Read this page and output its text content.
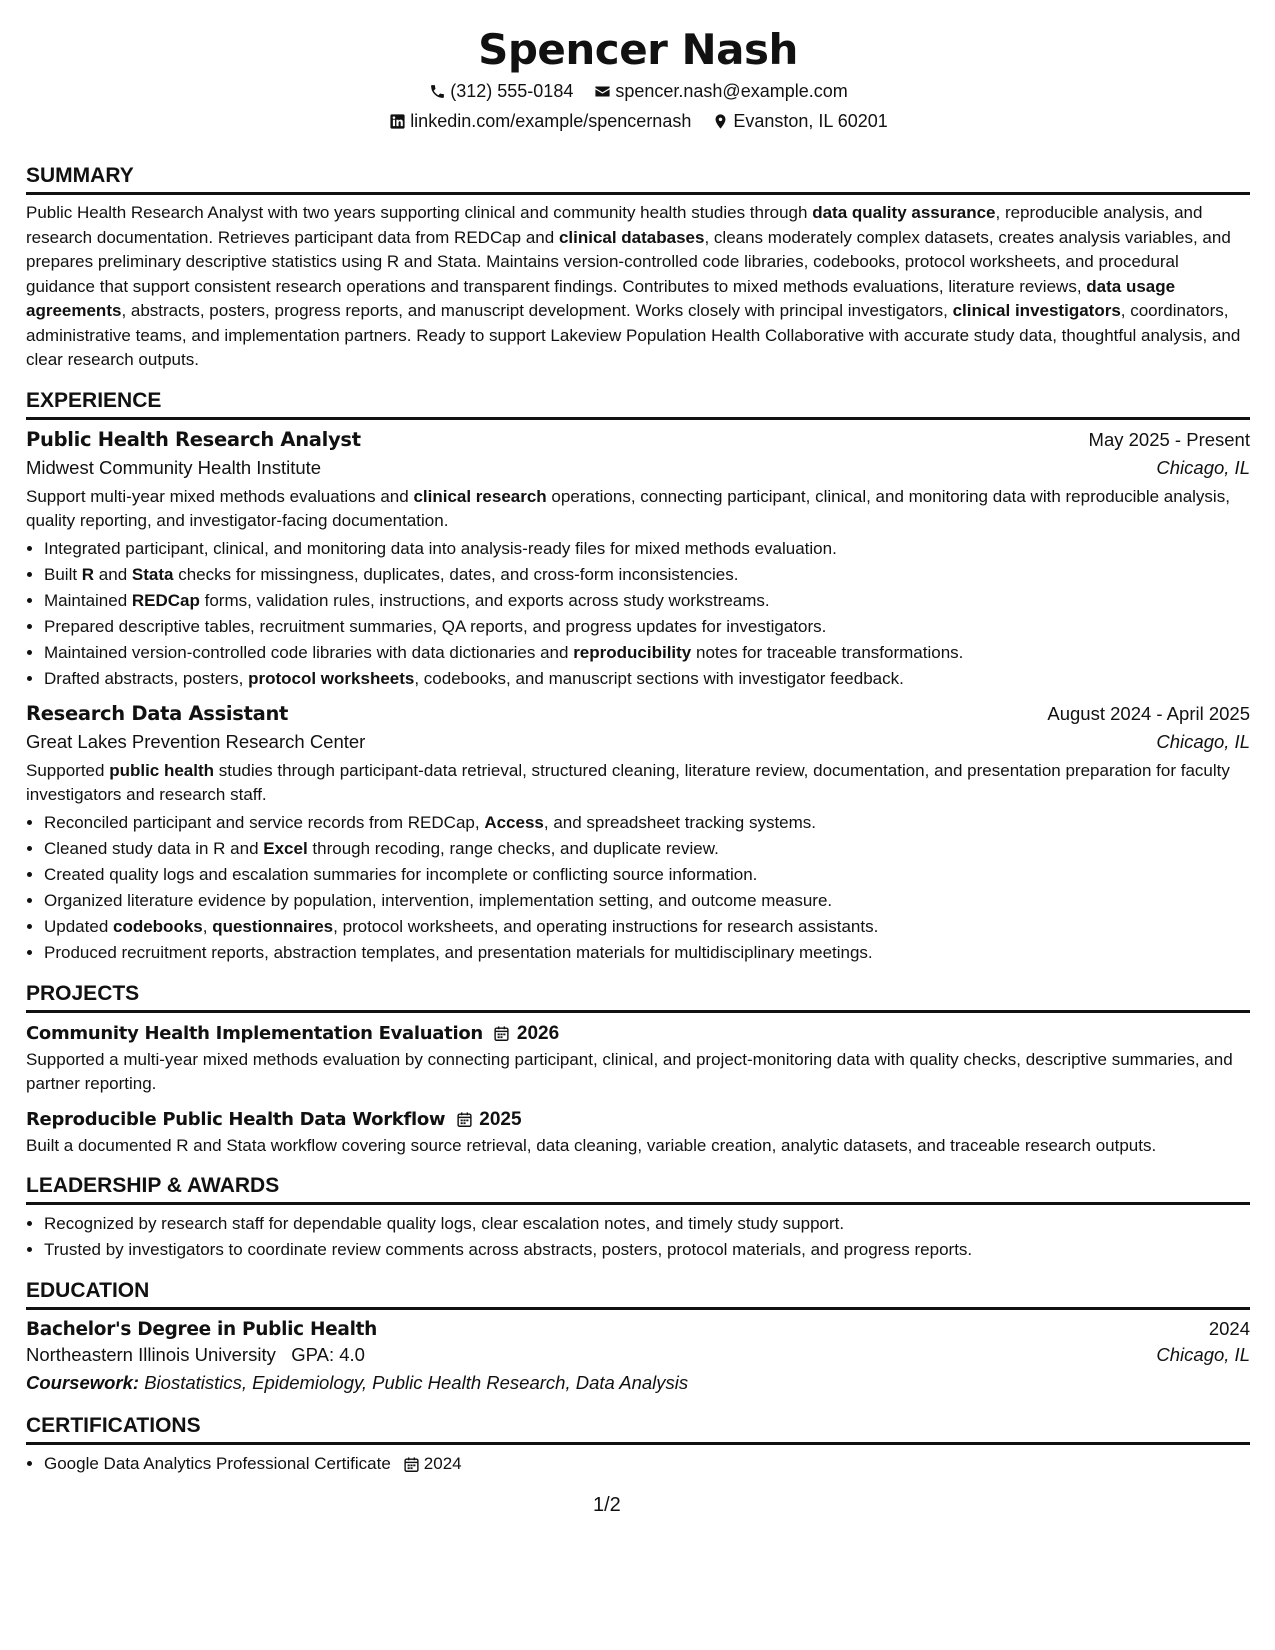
Spencer Nash
(312) 555-0184 spencer.nash@example.com
linkedin.com/example/spencernash Evanston, IL 60201
SUMMARY
Public Health Research Analyst with two years supporting clinical and community health studies through data quality assurance, reproducible analysis, and research documentation. Retrieves participant data from REDCap and clinical databases, cleans moderately complex datasets, creates analysis variables, and prepares preliminary descriptive statistics using R and Stata. Maintains version-controlled code libraries, codebooks, protocol worksheets, and procedural guidance that support consistent research operations and transparent findings. Contributes to mixed methods evaluations, literature reviews, data usage agreements, abstracts, posters, progress reports, and manuscript development. Works closely with principal investigators, clinical investigators, coordinators, administrative teams, and implementation partners. Ready to support Lakeview Population Health Collaborative with accurate study data, thoughtful analysis, and clear research outputs.
EXPERIENCE
Public Health Research Analyst	May 2025 - Present
Midwest Community Health Institute	Chicago, IL
Support multi-year mixed methods evaluations and clinical research operations, connecting participant, clinical, and monitoring data with reproducible analysis, quality reporting, and investigator-facing documentation.
• Integrated participant, clinical, and monitoring data into analysis-ready files for mixed methods evaluation.
• Built R and Stata checks for missingness, duplicates, dates, and cross-form inconsistencies.
• Maintained REDCap forms, validation rules, instructions, and exports across study workstreams.
• Prepared descriptive tables, recruitment summaries, QA reports, and progress updates for investigators.
• Maintained version-controlled code libraries with data dictionaries and reproducibility notes for traceable transformations.
• Drafted abstracts, posters, protocol worksheets, codebooks, and manuscript sections with investigator feedback.
Research Data Assistant	August 2024 - April 2025
Great Lakes Prevention Research Center	Chicago, IL
Supported public health studies through participant-data retrieval, structured cleaning, literature review, documentation, and presentation preparation for faculty investigators and research staff.
• Reconciled participant and service records from REDCap, Access, and spreadsheet tracking systems.
• Cleaned study data in R and Excel through recoding, range checks, and duplicate review.
• Created quality logs and escalation summaries for incomplete or conflicting source information.
• Organized literature evidence by population, intervention, implementation setting, and outcome measure.
• Updated codebooks, questionnaires, protocol worksheets, and operating instructions for research assistants.
• Produced recruitment reports, abstraction templates, and presentation materials for multidisciplinary meetings.
PROJECTS
Community Health Implementation Evaluation 2026
Supported a multi-year mixed methods evaluation by connecting participant, clinical, and project-monitoring data with quality checks, descriptive summaries, and partner reporting.
Reproducible Public Health Data Workflow 2025
Built a documented R and Stata workflow covering source retrieval, data cleaning, variable creation, analytic datasets, and traceable research outputs.
LEADERSHIP & AWARDS
• Recognized by research staff for dependable quality logs, clear escalation notes, and timely study support.
• Trusted by investigators to coordinate review comments across abstracts, posters, protocol materials, and progress reports.
EDUCATION
Bachelor's Degree in Public Health	2024
Northeastern Illinois University GPA: 4.0	Chicago, IL
Coursework: Biostatistics, Epidemiology, Public Health Research, Data Analysis
CERTIFICATIONS
• Google Data Analytics Professional Certificate 2024
1/2
